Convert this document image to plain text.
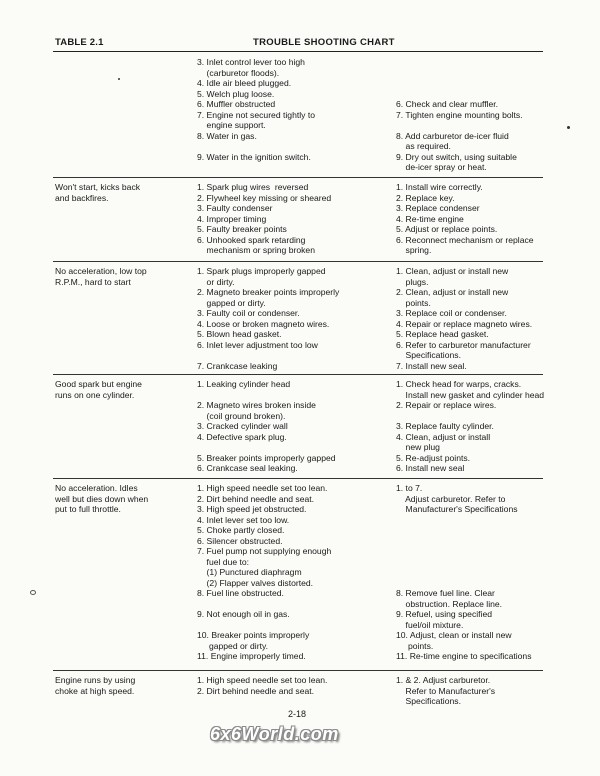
TABLE 2.1	TROUBLE SHOOTING CHART
3. Inlet control lever too high
(carburetor floods).
4. Idle air bleed plugged.
5. Welch plug loose.
6. Muffler obstructed
7. Engine not secured tightly to
engine support.
8. Water in gas.
9. Water in the ignition switch.
6. Check and clear muffler.
7. Tighten engine mounting bolts.
8. Add carburetor de-icer fluid
as required.
9. Dry out switch, using suitable
de-icer spray or heat.
Won't start, kicks back
and backfires.
1. Spark plug wires  reversed
2. Flywheel key missing or sheared
3. Faulty condenser
4. Improper timing
5. Faulty breaker points
6. Unhooked spark retarding
mechanism or spring broken
1. Install wire correctly.
2. Replace key.
3. Replace condenser
4. Re-time engine
5. Adjust or replace points.
6. Reconnect mechanism or replace
spring.
No acceleration, low top
R.P.M., hard to start
1. Spark plugs improperly gapped
or dirty.
2. Magneto breaker points improperly
gapped or dirty.
3. Faulty coil or condenser.
4. Loose or broken magneto wires.
5. Blown head gasket.
6. Inlet lever adjustment too low
7. Crankcase leaking
1. Clean, adjust or install new
plugs.
2. Clean, adjust or install new
points.
3. Replace coil or condenser.
4. Repair or replace magneto wires.
5. Replace head gasket.
6. Refer to carburetor manufacturer
Specifications.
7. Install new seal.
Good spark but engine
runs on one cylinder.
1. Leaking cylinder head
2. Magneto wires broken inside
(coil ground broken).
3. Cracked cylinder wall
4. Defective spark plug.
5. Breaker points improperly gapped
6. Crankcase seal leaking.
1. Check head for warps, cracks.
Install new gasket and cylinder head
2. Repair or replace wires.
3. Replace faulty cylinder.
4. Clean, adjust or install
new plug
5. Re-adjust points.
6. Install new seal
No acceleration. Idles
well but dies down when
put to full throttle.
1. High speed needle set too lean.
2. Dirt behind needle and seat.
3. High speed jet obstructed.
4. Inlet lever set too low.
5. Choke partly closed.
6. Silencer obstructed.
7. Fuel pump not supplying enough
fuel due to:
(1) Punctured diaphragm
(2) Flapper valves distorted.
8. Fuel line obstructed.
9. Not enough oil in gas.
10. Breaker points improperly
gapped or dirty.
11. Engine improperly timed.
1. to 7.
Adjust carburetor. Refer to
Manufacturer's Specifications
8. Remove fuel line. Clear
obstruction. Replace line.
9. Refuel, using specified
fuel/oil mixture.
10. Adjust, clean or install new
points.
11. Re-time engine to specifications
Engine runs by using
choke at high speed.
1. High speed needle set too lean.
2. Dirt behind needle and seat.
1. & 2. Adjust carburetor.
Refer to Manufacturer's
Specifications.
2-18
6x6World.com
